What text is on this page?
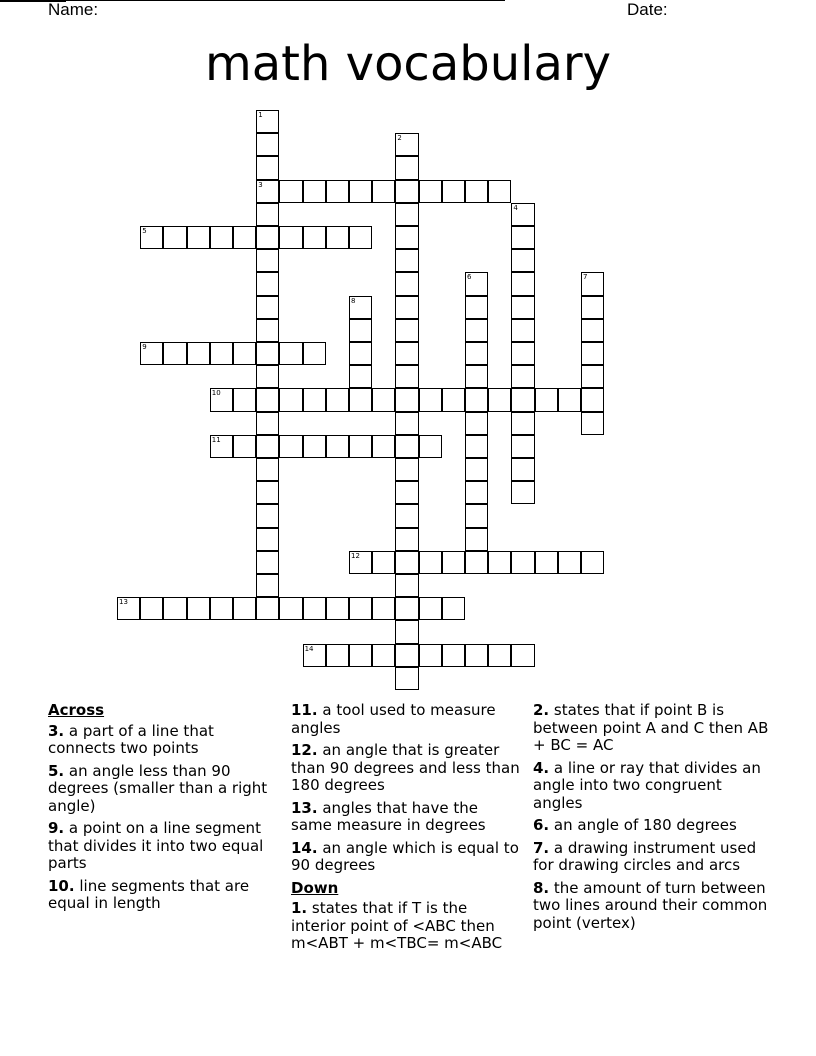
Name:	Date:
math vocabulary
1
2
3
4
5
6	7
8
9
10
11
12
13
14
Across
3. a part of a line that connects two points
5. an angle less than 90 degrees (smaller than a right angle)
9. a point on a line segment that divides it into two equal parts
10. line segments that are equal in length
11. a tool used to measure angles
12. an angle that is greater than 90 degrees and less than 180 degrees
13. angles that have the same measure in degrees
14. an angle which is equal to 90 degrees
Down
1. states that if T is the interior point of <ABC then m<ABT + m<TBC= m<ABC
2. states that if point B is between point A and C then AB + BC = AC
4. a line or ray that divides an angle into two congruent angles
6. an angle of 180 degrees
7. a drawing instrument used for drawing circles and arcs
8. the amount of turn between two lines around their common point (vertex)
